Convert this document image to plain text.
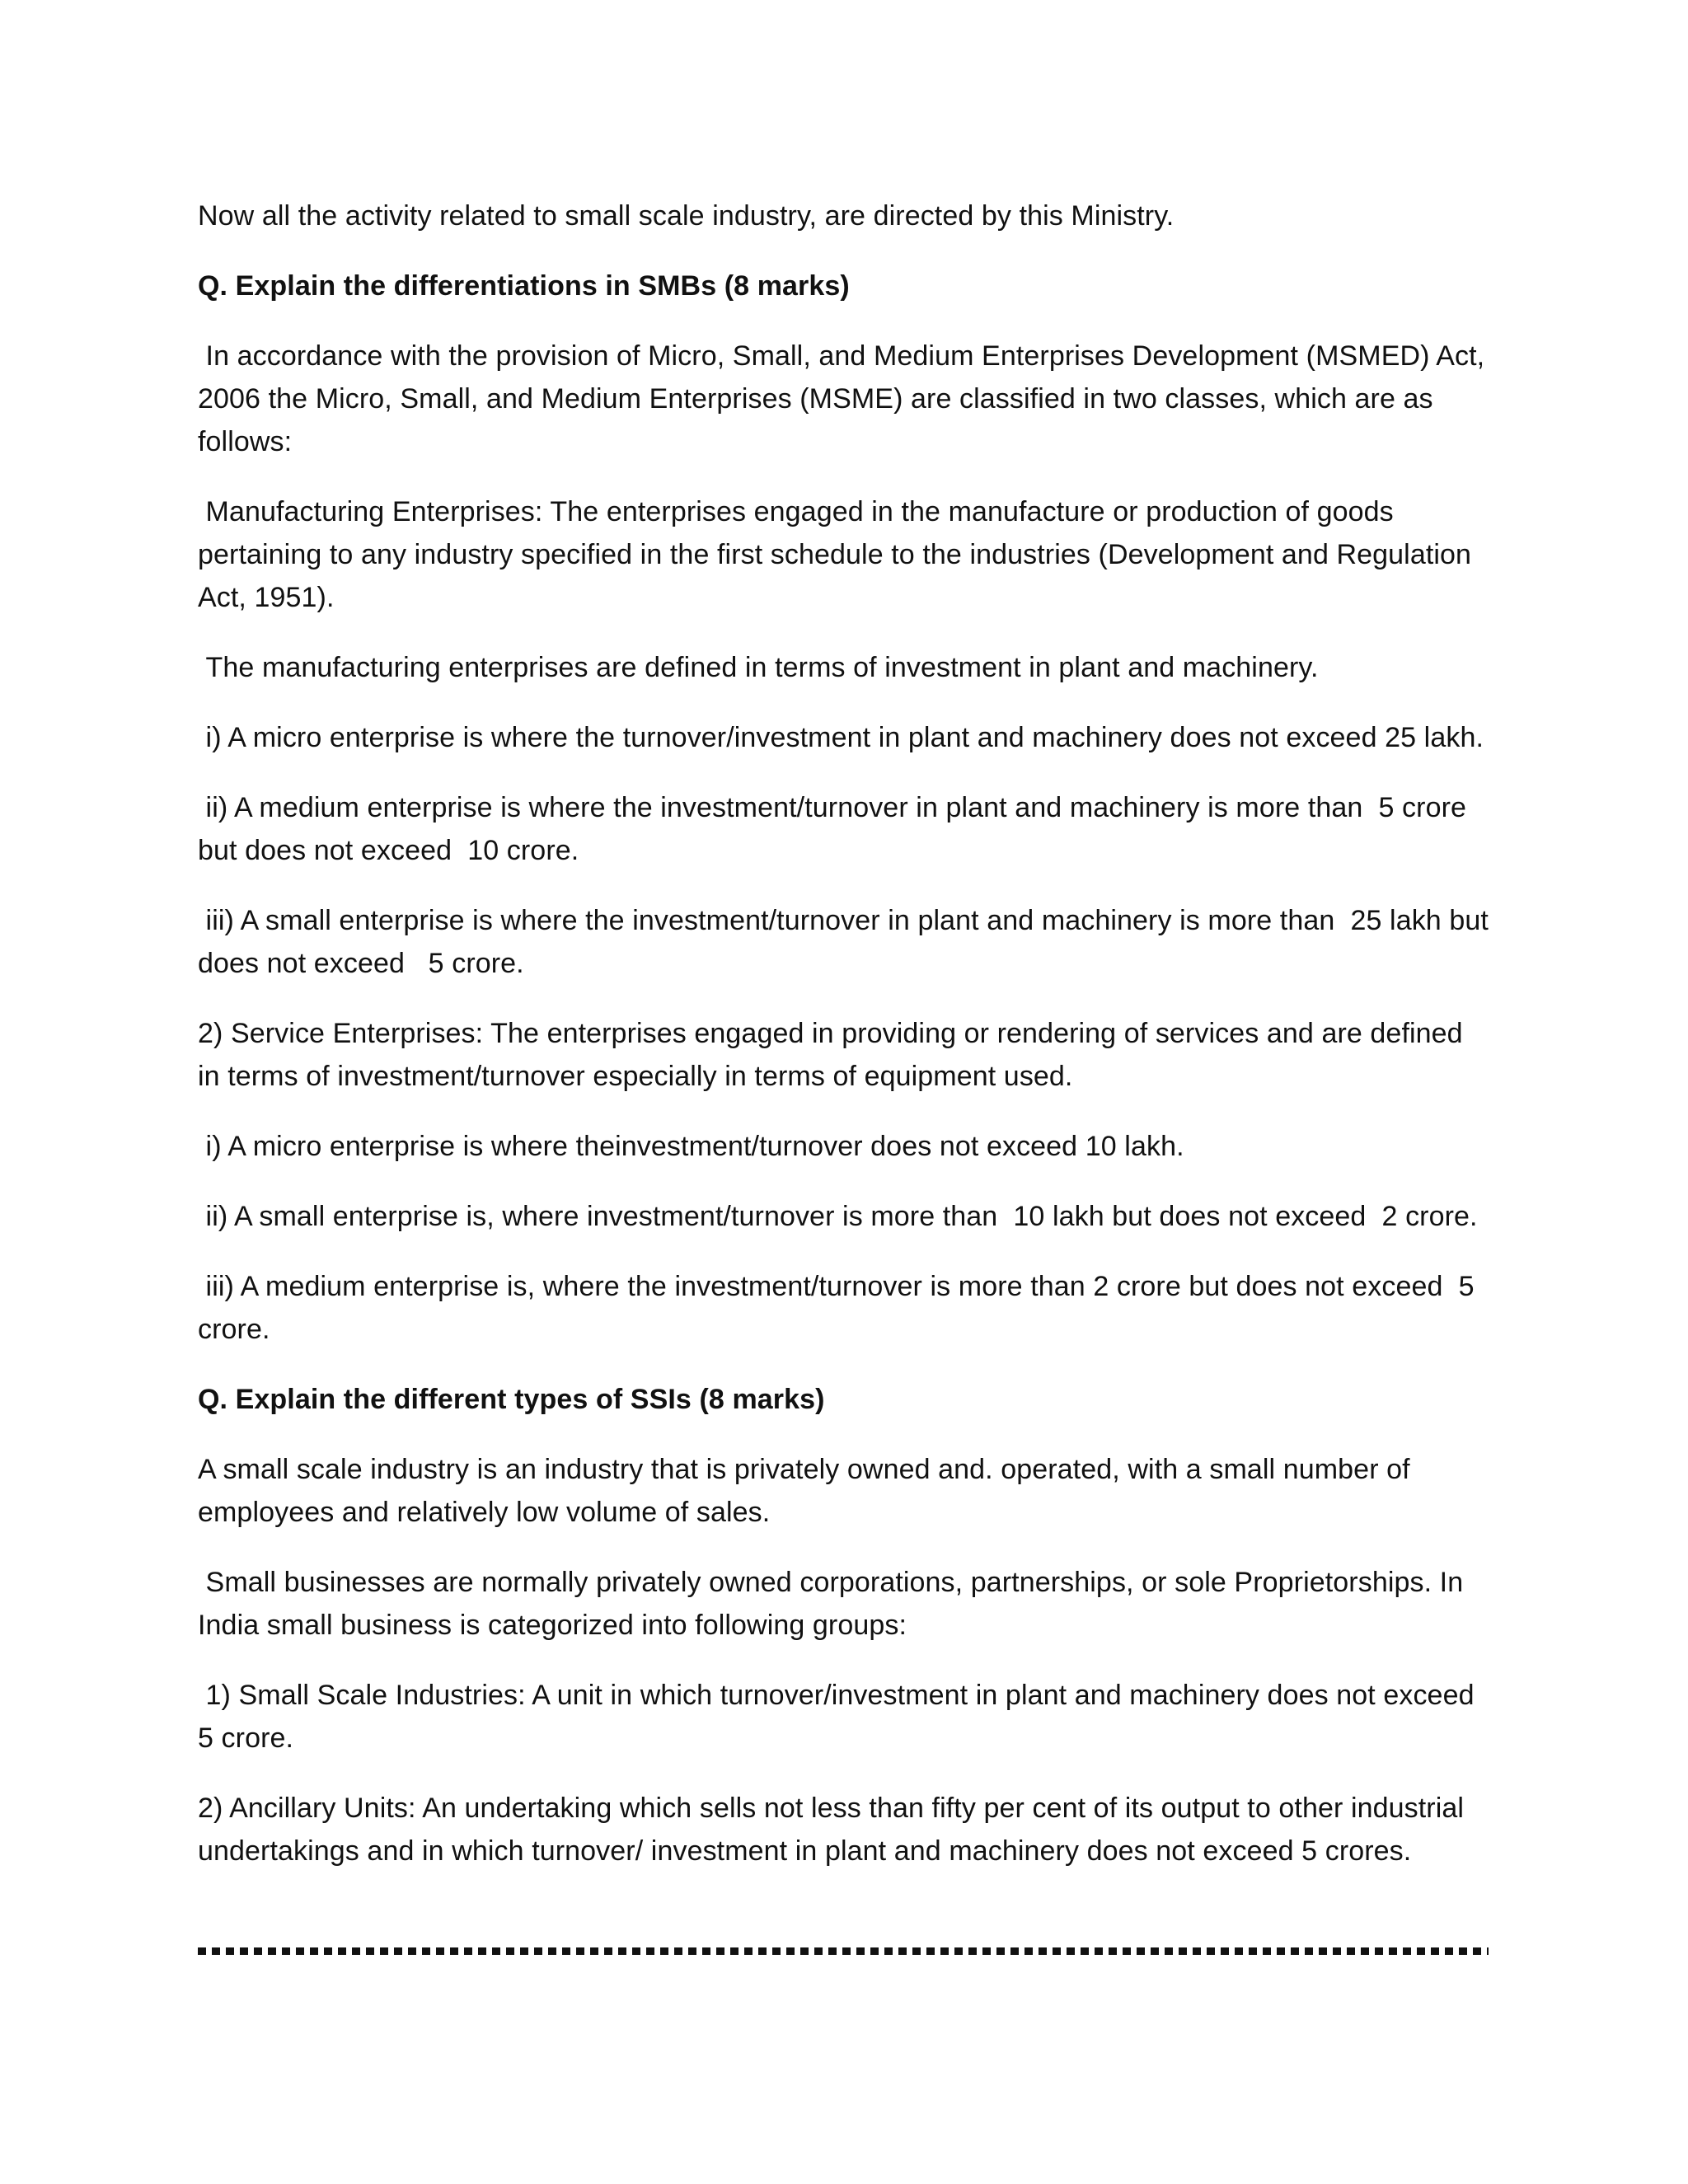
Now all the activity related to small scale industry, are directed by this Ministry.

Q. Explain the differentiations in SMBs (8 marks)

In accordance with the provision of Micro, Small, and Medium Enterprises Development (MSMED) Act, 2006 the Micro, Small, and Medium Enterprises (MSME) are classified in two classes, which are as follows:

Manufacturing Enterprises: The enterprises engaged in the manufacture or production of goods pertaining to any industry specified in the first schedule to the industries (Development and Regulation Act, 1951).

The manufacturing enterprises are defined in terms of investment in plant and machinery.

i) A micro enterprise is where the turnover/investment in plant and machinery does not exceed 25 lakh.

ii) A medium enterprise is where the investment/turnover in plant and machinery is more than  5 crore but does not exceed  10 crore.

iii) A small enterprise is where the investment/turnover in plant and machinery is more than  25 lakh but does not exceed   5 crore.

2) Service Enterprises: The enterprises engaged in providing or rendering of services and are defined in terms of investment/turnover especially in terms of equipment used.

i) A micro enterprise is where theinvestment/turnover does not exceed 10 lakh.

ii) A small enterprise is, where investment/turnover is more than  10 lakh but does not exceed  2 crore.

iii) A medium enterprise is, where the investment/turnover is more than 2 crore but does not exceed  5 crore.

Q. Explain the different types of SSIs (8 marks)

A small scale industry is an industry that is privately owned and. operated, with a small number of employees and relatively low volume of sales.

Small businesses are normally privately owned corporations, partnerships, or sole Proprietorships. In India small business is categorized into following groups:

1) Small Scale Industries: A unit in which turnover/investment in plant and machinery does not exceed 5 crore.

2) Ancillary Units: An undertaking which sells not less than fifty per cent of its output to other industrial undertakings and in which turnover/ investment in plant and machinery does not exceed 5 crores.
